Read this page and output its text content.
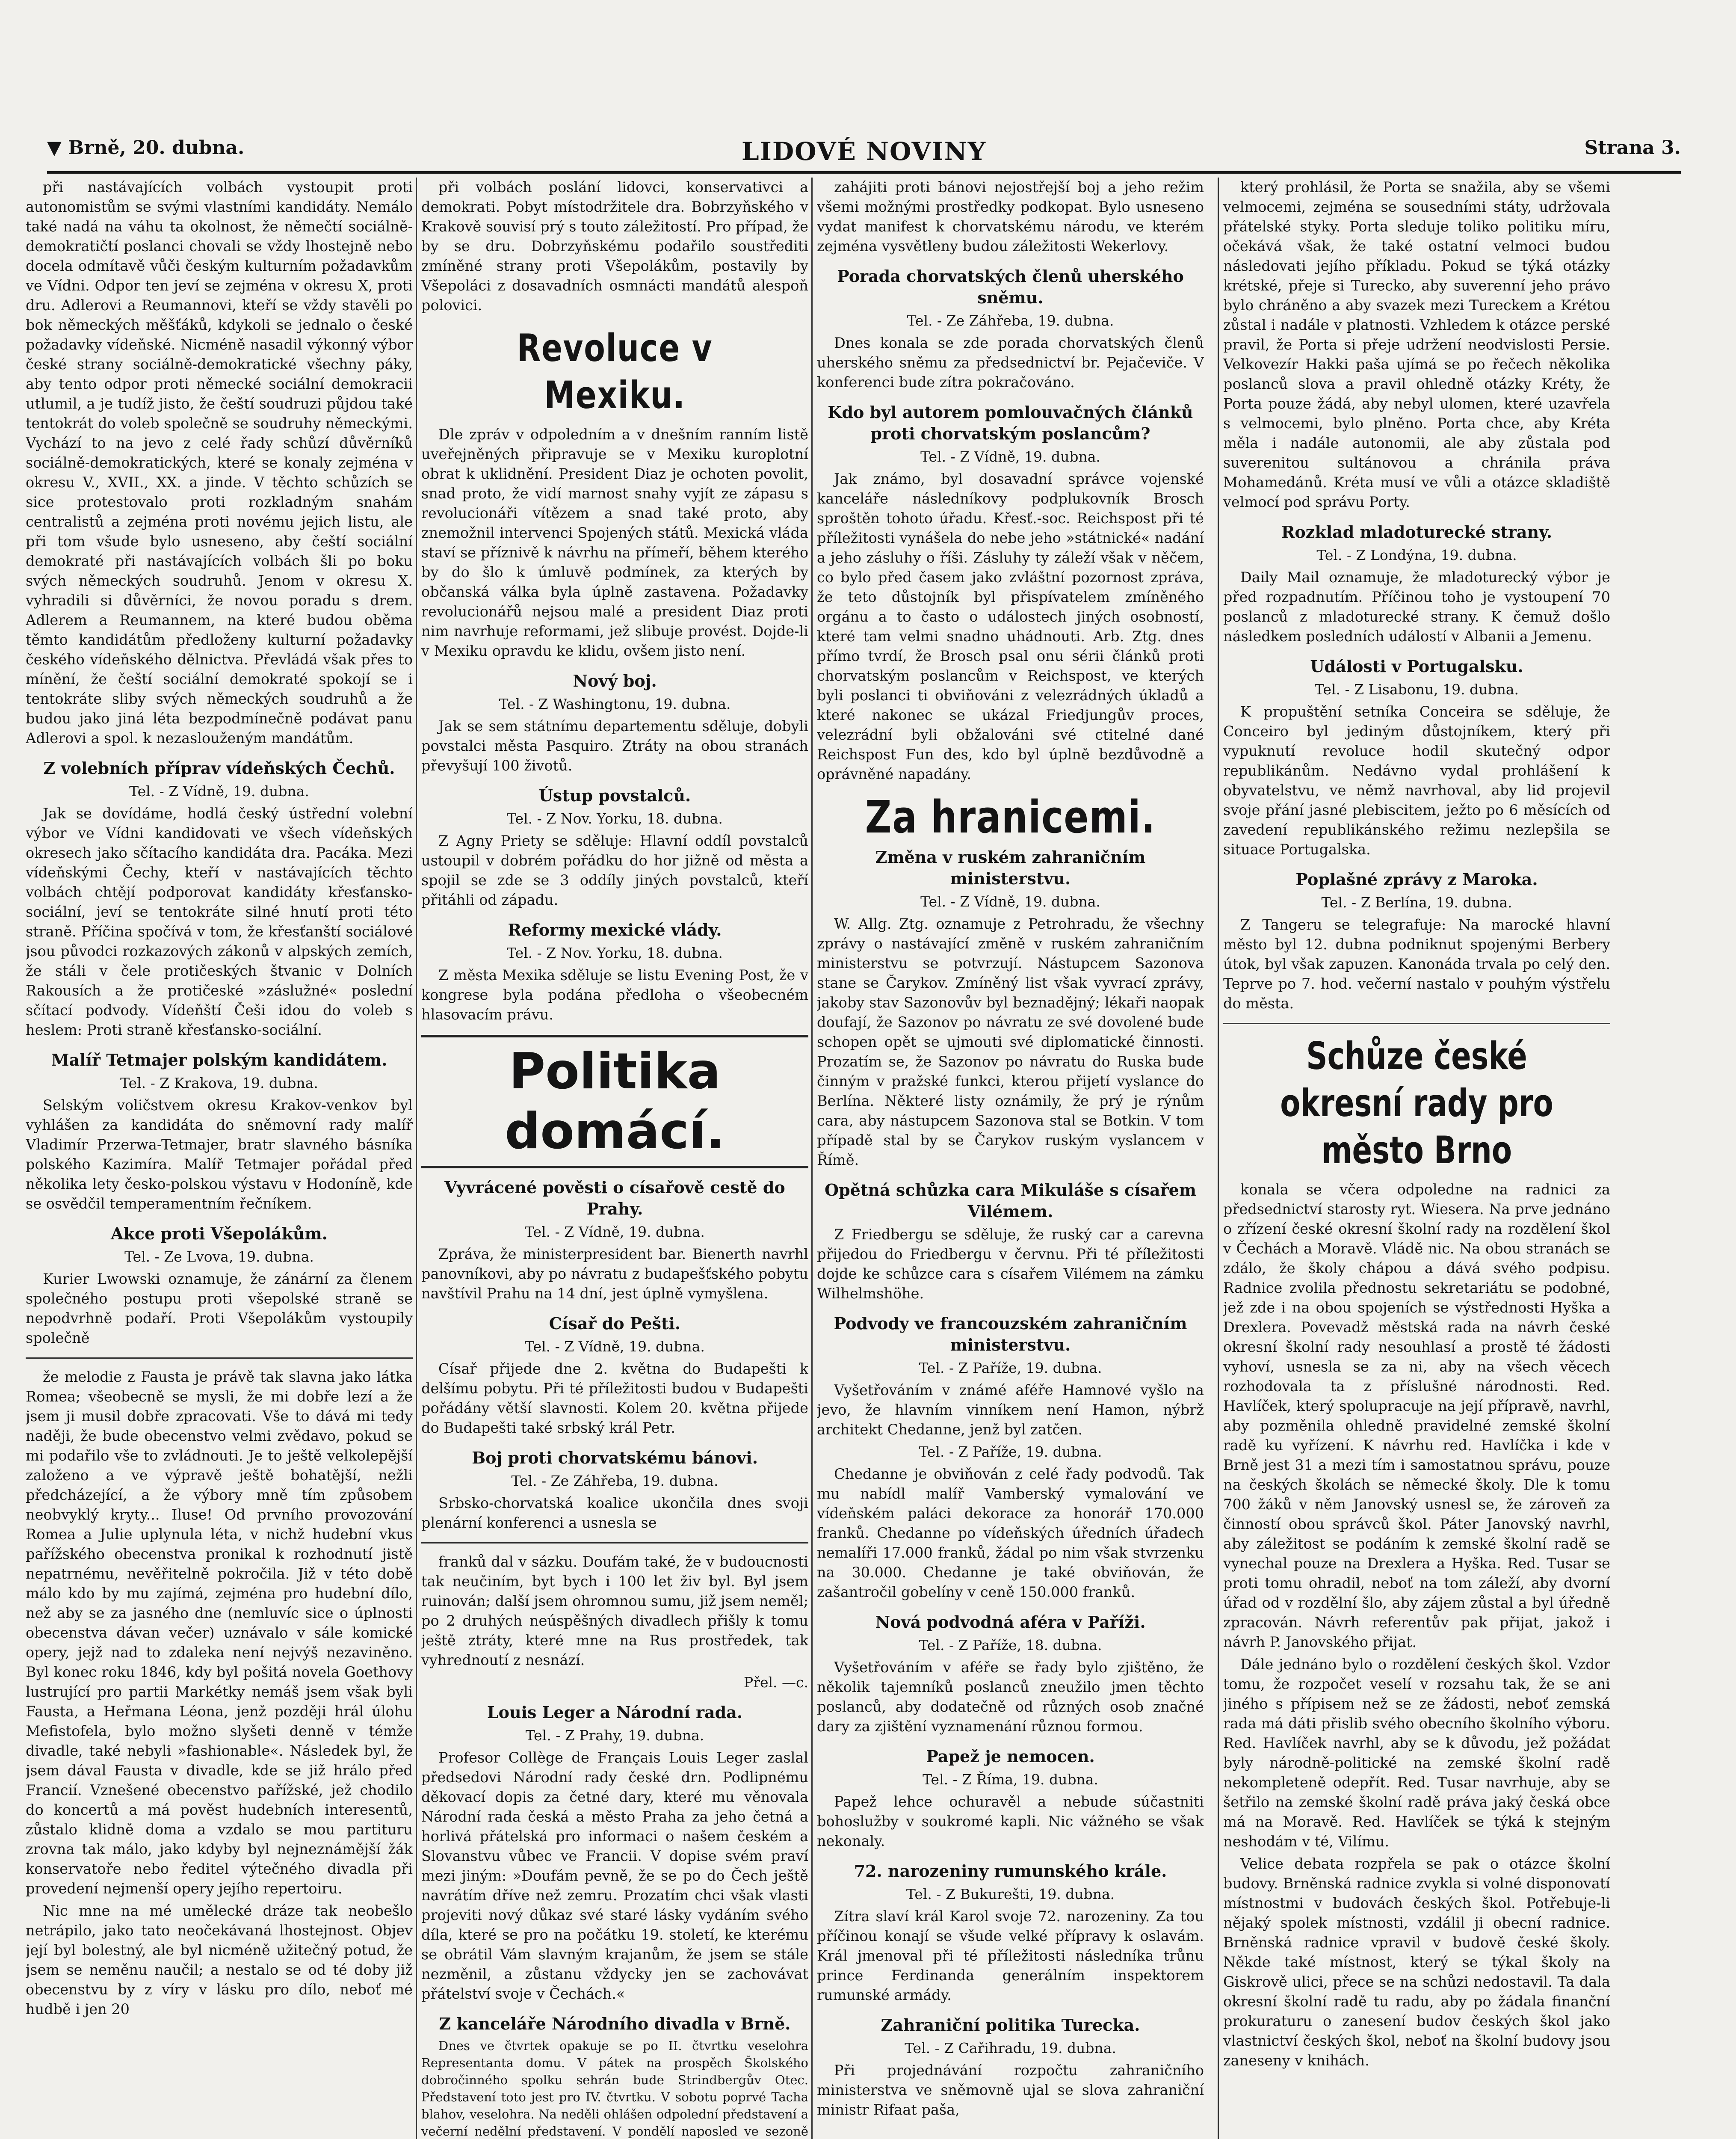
▼ Brně, 20. dubna.	LIDOVÉ NOVINY	Strana 3.

při nastávajících volbách vystoupit proti autonomistům se svými vlastními kandidáty. Nemálo také nadá na váhu ta okolnost, že němečtí sociálně-demokratičtí poslanci chovali se vždy lhostejně nebo docela odmítavě vůči českým kulturním požadavkům ve Vídni. Odpor ten jeví se zejména v okresu X, proti dru. Adlerovi a Reumannovi, kteří se vždy stavěli po bok německých měšťáků, kdykoli se jednalo o české požadavky vídeňské. Nicméně nasadil výkonný výbor české strany sociálně-demokratické všechny páky, aby tento odpor proti německé sociální demokracii utlumil, a je tudíž jisto, že čeští soudruzi půjdou také tentokrát do voleb společně se soudruhy německými. Vychází to na jevo z celé řady schůzí důvěrníků sociálně-demokratických, které se konaly zejména v okresu V., XVII., XX. a jinde. V těchto schůzích se sice protestovalo proti rozkladným snahám centralistů a zejména proti novému jejich listu, ale při tom všude bylo usneseno, aby čeští sociální demokraté při nastávajících volbách šli po boku svých německých soudruhů. Jenom v okresu X. vyhradili si důvěrníci, že novou poradu s drem. Adlerem a Reumannem, na které budou oběma těmto kandidátům předloženy kulturní požadavky českého vídeňského dělnictva. Převládá však přes to mínění, že čeští sociální demokraté spokojí se i tentokráte sliby svých německých soudruhů a že budou jako jiná léta bezpodmínečně podávat panu Adlerovi a spol. k nezaslouženým mandátům.

Z volebních příprav vídeňských Čechů.
Tel. - Z Vídně, 19. dubna.

Jak se dovídáme, hodlá český ústřední volební výbor ve Vídni kandidovati ve všech vídeňských okresech jako sčítacího kandidáta dra. Pacáka. Mezi vídeňskými Čechy, kteří v nastávajících těchto volbách chtějí podporovat kandidáty křesťansko-sociální, jeví se tentokráte silné hnutí proti této straně. Příčina spočívá v tom, že křesťanští sociálové jsou původci rozkazových zákonů v alpských zemích, že stáli v čele protičeských štvanic v Dolních Rakousích a že protičeské »záslužné« poslední sčítací podvody. Vídeňští Češi idou do voleb s heslem: Proti straně křesťansko-sociální.

Malíř Tetmajer polským kandidátem.
Tel. - Z Krakova, 19. dubna.

Selským voličstvem okresu Krakov-venkov byl vyhlášen za kandidáta do sněmovní rady malíř Vladimír Przerwa-Tetmajer, bratr slavného básníka polského Kazimíra. Malíř Tetmajer pořádal před několika lety česko-polskou výstavu v Hodoníně, kde se osvědčil temperamentním řečníkem.

Akce proti Všepolákům.
Tel. - Ze Lvova, 19. dubna.

Kurier Lwowski oznamuje, že zánární za členem společného postupu proti všepolské straně se nepodvrhně podaří. Proti Všepolákům vystoupily společně

že melodie z Fausta je právě tak slavna jako látka Romea; všeobecně se mysli, že mi dobře lezí a že jsem ji musil dobře zpracovati. Vše to dává mi tedy naději, že bude obecenstvo velmi zvědavo, pokud se mi podařilo vše to zvládnouti. Je to ještě velkolepější založeno a ve výpravě ještě bohatější, nežli předcházející, a že výbory mně tím způsobem neobvyklý kryty... Iluse! Od prvního provozování Romea a Julie uplynula léta, v nichž hudební vkus pařížského obecenstva pronikal k rozhodnutí jistě nepatrnému, nevěřitelně pokročila. Již v této době málo kdo by mu zajímá, zejména pro hudební dílo, než aby se za jasného dne (nemluvíc sice o úplnosti obecenstva dávan večer) uznávalo v sále komické opery, jejž nad to zdaleka není nejvýš nezaviněno. Byl konec roku 1846, kdy byl pošitá novela Goethovy lustrující pro partii Markétky nemáš jsem však byli Fausta, a Heřmana Léona, jenž později hrál úlohu Mefistofela, bylo možno slyšeti denně v témže divadle, také nebyli »fashionable«. Následek byl, že jsem dával Fausta v divadle, kde se již hrálo před Francií. Vznešené obecenstvo pařížské, jež chodilo do koncertů a má pověst hudebních interesentů, zůstalo klidně doma a vzdalo se mou partituru zrovna tak málo, jako kdyby byl nejneznámější žák konservatoře nebo ředitel výtečného divadla při provedení nejmenší opery jejího repertoiru.

Nic mne na mé umělecké dráze tak neobešlo netrápilo, jako tato neočekávaná lhostejnost. Objev její byl bolestný, ale byl nicméně užitečný potud, že jsem se neměnu naučil; a nestalo se od té doby již obecenstvu by z víry v lásku pro dílo, neboť mé hudbě i jen 20

při volbách poslání lidovci, konservativci a demokrati. Pobyt místodržitele dra. Bobrzyňského v Krakově souvisí prý s touto záležitostí. Pro případ, že by se dru. Dobrzyňskému podařilo soustřediti zmíněné strany proti Všepolákům, postavily by Všepoláci z dosavadních osmnácti mandátů alespoň polovici.

Revoluce v Mexiku.

Dle zpráv v odpoledním a v dnešním ranním listě uveřejněných připravuje se v Mexiku kuroplotní obrat k uklidnění. President Diaz je ochoten povolit, snad proto, že vidí marnost snahy vyjít ze zápasu s revolucionáři vítězem a snad také proto, aby znemožnil intervenci Spojených států. Mexická vláda staví se příznivě k návrhu na přímeří, během kterého by do šlo k úmluvě podmínek, za kterých by občanská válka byla úplně zastavena. Požadavky revolucionářů nejsou malé a president Diaz proti nim navrhuje reformami, jež slibuje provést. Dojde-li v Mexiku opravdu ke klidu, ovšem jisto není.

Nový boj.
Tel. - Z Washingtonu, 19. dubna.

Jak se sem státnímu departementu sděluje, dobyli povstalci města Pasquiro. Ztráty na obou stranách převyšují 100 životů.

Ústup povstalců.
Tel. - Z Nov. Yorku, 18. dubna.

Z Agny Priety se sděluje: Hlavní oddíl povstalců ustoupil v dobrém pořádku do hor jižně od města a spojil se zde se 3 oddíly jiných povstalců, kteří přitáhli od západu.

Reformy mexické vlády.
Tel. - Z Nov. Yorku, 18. dubna.

Z města Mexika sděluje se listu Evening Post, že v kongrese byla podána předloha o všeobecném hlasovacím právu.

Politika domácí.
Vyvrácené pověsti o císařově cestě do Prahy.
Tel. - Z Vídně, 19. dubna.

Zpráva, že ministerpresident bar. Bienerth navrhl panovníkovi, aby po návratu z budapešťského pobytu navštívil Prahu na 14 dní, jest úplně vymyšlena.

Císař do Pešti.
Tel. - Z Vídně, 19. dubna.

Císař přijede dne 2. května do Budapešti k delšímu pobytu. Při té příležitosti budou v Budapešti pořádány větší slavnosti. Kolem 20. května přijede do Budapešti také srbský král Petr.

Boj proti chorvatskému bánovi.
Tel. - Ze Záhřeba, 19. dubna.

Srbsko-chorvatská koalice ukončila dnes svoji plenární konferenci a usnesla se

franků dal v sázku. Doufám také, že v budoucnosti tak neučiním, byt bych i 100 let živ byl. Byl jsem ruinován; další jsem ohromnou sumu, již jsem neměl; po 2 druhých neúspěšných divadlech přišly k tomu ještě ztráty, které mne na Rus prostředek, tak vyhrednoutí z nesnází.

Přel. —c.
Louis Leger a Národní rada.
Tel. - Z Prahy, 19. dubna.

Profesor Collège de Français Louis Leger zaslal předsedovi Národní rady české drn. Podlipnému děkovací dopis za četné dary, které mu věnovala Národní rada česká a město Praha za jeho četná a horlivá přátelská pro informaci o našem českém a Slovanstvu vůbec ve Francii. V dopise svém praví mezi jiným: »Doufám pevně, že se po do Čech ještě navrátím dříve než zemru. Prozatím chci však vlasti projeviti nový důkaz své staré lásky vydáním svého díla, které se pro na počátku 19. století, ke kterému se obrátil Vám slavným krajanům, že jsem se stále nezměnil, a zůstanu vždycky jen se zachovávat přátelství svoje v Čechách.«

Z kanceláře Národního divadla v Brně.

Dnes ve čtvrtek opakuje se po II. čtvrtku veselohra Representanta domu. V pátek na prospěch Školského dobročinného spolku sehrán bude Strindbergův Otec. Představení toto jest pro IV. čtvrtku. V sobotu poprvé Tacha blahov, veselohra. Na neděli ohlášen odpolední představení a večerní nedělní představení. V pondělí naposled ve sezoně

zahájiti proti bánovi nejostřejší boj a jeho režim všemi možnými prostředky podkopat. Bylo usneseno vydat manifest k chorvatskému národu, ve kterém zejména vysvětleny budou záležitosti Wekerlovy.

Porada chorvatských členů uherského sněmu.
Tel. - Ze Záhřeba, 19. dubna.

Dnes konala se zde porada chorvatských členů uherského sněmu za předsednictví br. Pejačeviče. V konferenci bude zítra pokračováno.

Kdo byl autorem pomlouvačných článků proti chorvatským poslancům?
Tel. - Z Vídně, 19. dubna.

Jak známo, byl dosavadní správce vojenské kanceláře následníkovy podplukovník Brosch sproštěn tohoto úřadu. Křesť.-soc. Reichspost při té příležitosti vynášela do nebe jeho »státnické« nadání a jeho zásluhy o říši. Zásluhy ty záleží však v něčem, co bylo před časem jako zvláštní pozornost zpráva, že teto důstojník byl přispívatelem zmíněného orgánu a to často o událostech jiných osobností, které tam velmi snadno uhádnouti. Arb. Ztg. dnes přímo tvrdí, že Brosch psal onu sérii článků proti chorvatským poslancům v Reichspost, ve kterých byli poslanci ti obviňováni z velezrádných úkladů a které nakonec se ukázal Friedjungův proces, velezrádní byli obžalováni své ctitelné dané Reichspost Fun des, kdo byl úplně bezdůvodně a oprávněné napadány.

Za hranicemi.
Změna v ruském zahraničním ministerstvu.
Tel. - Z Vídně, 19. dubna.

W. Allg. Ztg. oznamuje z Petrohradu, že všechny zprávy o nastávající změně v ruském zahraničním ministerstvu se potvrzují. Nástupcem Sazonova stane se Čarykov. Zmíněný list však vyvrací zprávy, jakoby stav Sazonovův byl beznadějný; lékaři naopak doufají, že Sazonov po návratu ze své dovolené bude schopen opět se ujmouti své diplomatické činnosti. Prozatím se, že Sazonov po návratu do Ruska bude činným v pražské funkci, kterou přijetí vyslance do Berlína. Některé listy oznámily, že prý je rýnům cara, aby nástupcem Sazonova stal se Botkin. V tom případě stal by se Čarykov ruským vyslancem v Římě.

Opětná schůzka cara Mikuláše s císařem Vilémem.

Z Friedbergu se sděluje, že ruský car a carevna přijedou do Friedbergu v červnu. Při té příležitosti dojde ke schůzce cara s císařem Vilémem na zámku Wilhelmshöhe.

Podvody ve francouzském zahraničním ministerstvu.
Tel. - Z Paříže, 19. dubna.

Vyšetřováním v známé aféře Hamnové vyšlo na jevo, že hlavním vinníkem není Hamon, nýbrž architekt Chedanne, jenž byl zatčen.

Tel. - Z Paříže, 19. dubna.

Chedanne je obviňován z celé řady podvodů. Tak mu nabídl malíř Vamberský vymalování ve vídeňském paláci dekorace za honorář 170.000 franků. Chedanne po vídeňských úředních úřadech nemalíři 17.000 franků, žádal po nim však stvrzenku na 30.000. Chedanne je také obviňován, že zašantročil gobelíny v ceně 150.000 franků.

Nová podvodná aféra v Paříži.
Tel. - Z Paříže, 18. dubna.

Vyšetřováním v aféře se řady bylo zjištěno, že několik tajemníků poslanců zneužilo jmen těchto poslanců, aby dodatečně od různých osob značné dary za zjištění vyznamenání různou formou.

Papež je nemocen.
Tel. - Z Říma, 19. dubna.

Papež lehce ochuravěl a nebude súčastniti bohoslužby v soukromé kapli. Nic vážného se však nekonaly.

72. narozeniny rumunského krále.
Tel. - Z Bukurešti, 19. dubna.

Zítra slaví král Karol svoje 72. narozeniny. Za tou příčinou konají se všude velké přípravy k oslavám. Král jmenoval při té příležitosti následníka trůnu prince Ferdinanda generálním inspektorem rumunské armády.

Zahraniční politika Turecka.
Tel. - Z Cařihradu, 19. dubna.

Při projednávání rozpočtu zahraničního ministerstva ve sněmovně ujal se slova zahraniční ministr Rifaat paša,

který prohlásil, že Porta se snažila, aby se všemi velmocemi, zejména se sousedními státy, udržovala přátelské styky. Porta sleduje toliko politiku míru, očekává však, že také ostatní velmoci budou následovati jejího příkladu. Pokud se týká otázky krétské, přeje si Turecko, aby suverenní jeho právo bylo chráněno a aby svazek mezi Tureckem a Krétou zůstal i nadále v platnosti. Vzhledem k otázce perské pravil, že Porta si přeje udržení neodvislosti Persie. Velkovezír Hakki paša ujímá se po řečech několika poslanců slova a pravil ohledně otázky Kréty, že Porta pouze žádá, aby nebyl ulomen, které uzavřela s velmocemi, bylo plněno. Porta chce, aby Kréta měla i nadále autonomii, ale aby zůstala pod suverenitou sultánovou a chránila práva Mohamedánů. Kréta musí ve vůli a otázce skladiště velmocí pod správu Porty.

Rozklad mladoturecké strany.
Tel. - Z Londýna, 19. dubna.

Daily Mail oznamuje, že mladoturecký výbor je před rozpadnutím. Příčinou toho je vystoupení 70 poslanců z mladoturecké strany. K čemuž došlo následkem posledních událostí v Albanii a Jemenu.

Události v Portugalsku.
Tel. - Z Lisabonu, 19. dubna.

K propuštění setníka Conceira se sděluje, že Conceiro byl jediným důstojníkem, který při vypuknutí revoluce hodil skutečný odpor republikánům. Nedávno vydal prohlášení k obyvatelstvu, ve němž navrhoval, aby lid projevil svoje přání jasné plebiscitem, ježto po 6 měsících od zavedení republikánského režimu nezlepšila se situace Portugalska.

Poplašné zprávy z Maroka.
Tel. - Z Berlína, 19. dubna.

Z Tangeru se telegrafuje: Na marocké hlavní město byl 12. dubna podniknut spojenými Berbery útok, byl však zapuzen. Kanonáda trvala po celý den. Teprve po 7. hod. večerní nastalo v pouhým výstřelu do města.

Schůze české okresní rady pro město Brno

konala se včera odpoledne na radnici za předsednictví starosty ryt. Wiesera. Na prve jednáno o zřízení české okresní školní rady na rozdělení škol v Čechách a Moravě. Vládě nic. Na obou stranách se zdálo, že školy chápou a dává svého podpisu. Radnice zvolila přednostu sekretariátu se podobné, jež zde i na obou spojeních se výstřednosti Hyška a Drexlera. Povevadž městská rada na návrh české okresní školní rady nesouhlasí a prostě té žádosti vyhoví, usnesla se za ni, aby na všech věcech rozhodovala ta z příslušné národnosti. Red. Havlíček, který spolupracuje na její přípravě, navrhl, aby pozměnila ohledně pravidelné zemské školní radě ku vyřízení. K návrhu red. Havlíčka i kde v Brně jest 31 a mezi tím i samostatnou správu, pouze na českých školách se německé školy. Dle k tomu 700 žáků v něm Janovský usnesl se, že zároveň za činností obou správců škol. Páter Janovský navrhl, aby záležitost se podáním k zemské školní radě se vynechal pouze na Drexlera a Hyška. Red. Tusar se proti tomu ohradil, neboť na tom záleží, aby dvorní úřad od v rozdělní šlo, aby zájem zůstal a byl úředně zpracován. Návrh referentův pak přijat, jakož i návrh P. Janovského přijat.

Dále jednáno bylo o rozdělení českých škol. Vzdor tomu, že rozpočet veselí v rozsahu tak, že se ani jiného s přípisem než se ze žádosti, neboť zemská rada má dáti přislib svého obecního školního výboru. Red. Havlíček navrhl, aby se k důvodu, jež požádat byly národně-politické na zemské školní radě nekompleteně odepřít. Red. Tusar navrhuje, aby se šetřilo na zemské školní radě práva jaký česká obce má na Moravě. Red. Havlíček se týká k stejným neshodám v té, Vilímu.

Velice debata rozpřela se pak o otázce školní budovy. Brněnská radnice zvykla si volné disponovatí místnostmi v budovách českých škol. Potřebuje-li nějaký spolek místnosti, vzdálil ji obecní radnice. Brněnská radnice vpravil v budově české školy. Někde také místnost, který se týkal školy na Giskrově ulici, přece se na schůzi nedostavil. Ta dala okresní školní radě tu radu, aby po žádala finanční prokuraturu o zanesení budov českých škol jako vlastnictví českých škol, neboť na školní budovy jsou zaneseny v knihách.
